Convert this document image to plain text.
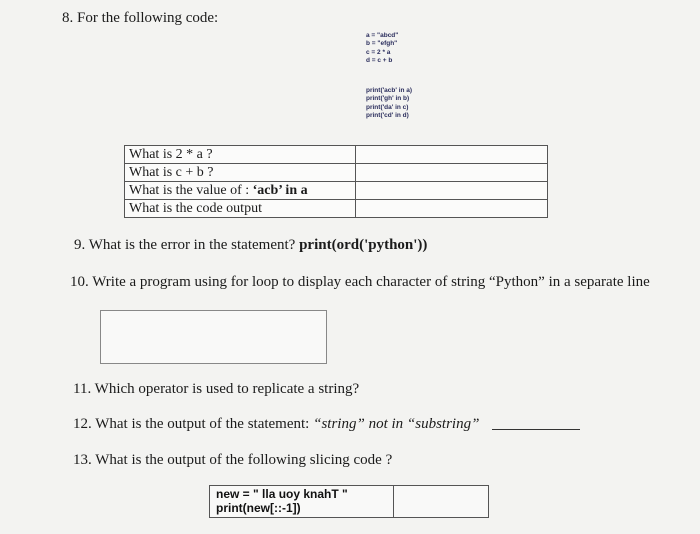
8. For the following code:
a = "abcd"
b = "efgh"
c = 2 * a
d = c + b
print('acb' in a)
print('gh' in b)
print('da' in c)
print('cd' in d)
What is 2 * a ?	
What is c + b ?	
What is the value of : ‘acb’ in a	
What is the code output	
9. What is the error in the statement? print(ord('python'))
10. Write a program using for loop to display each character of string “Python” in a separate line
11. Which operator is used to replicate a string?
12. What is the output of the statement: “string” not in “substring”
13. What is the output of the following slicing code ?
new = " lla uoy knahT "
print(new[::-1])
